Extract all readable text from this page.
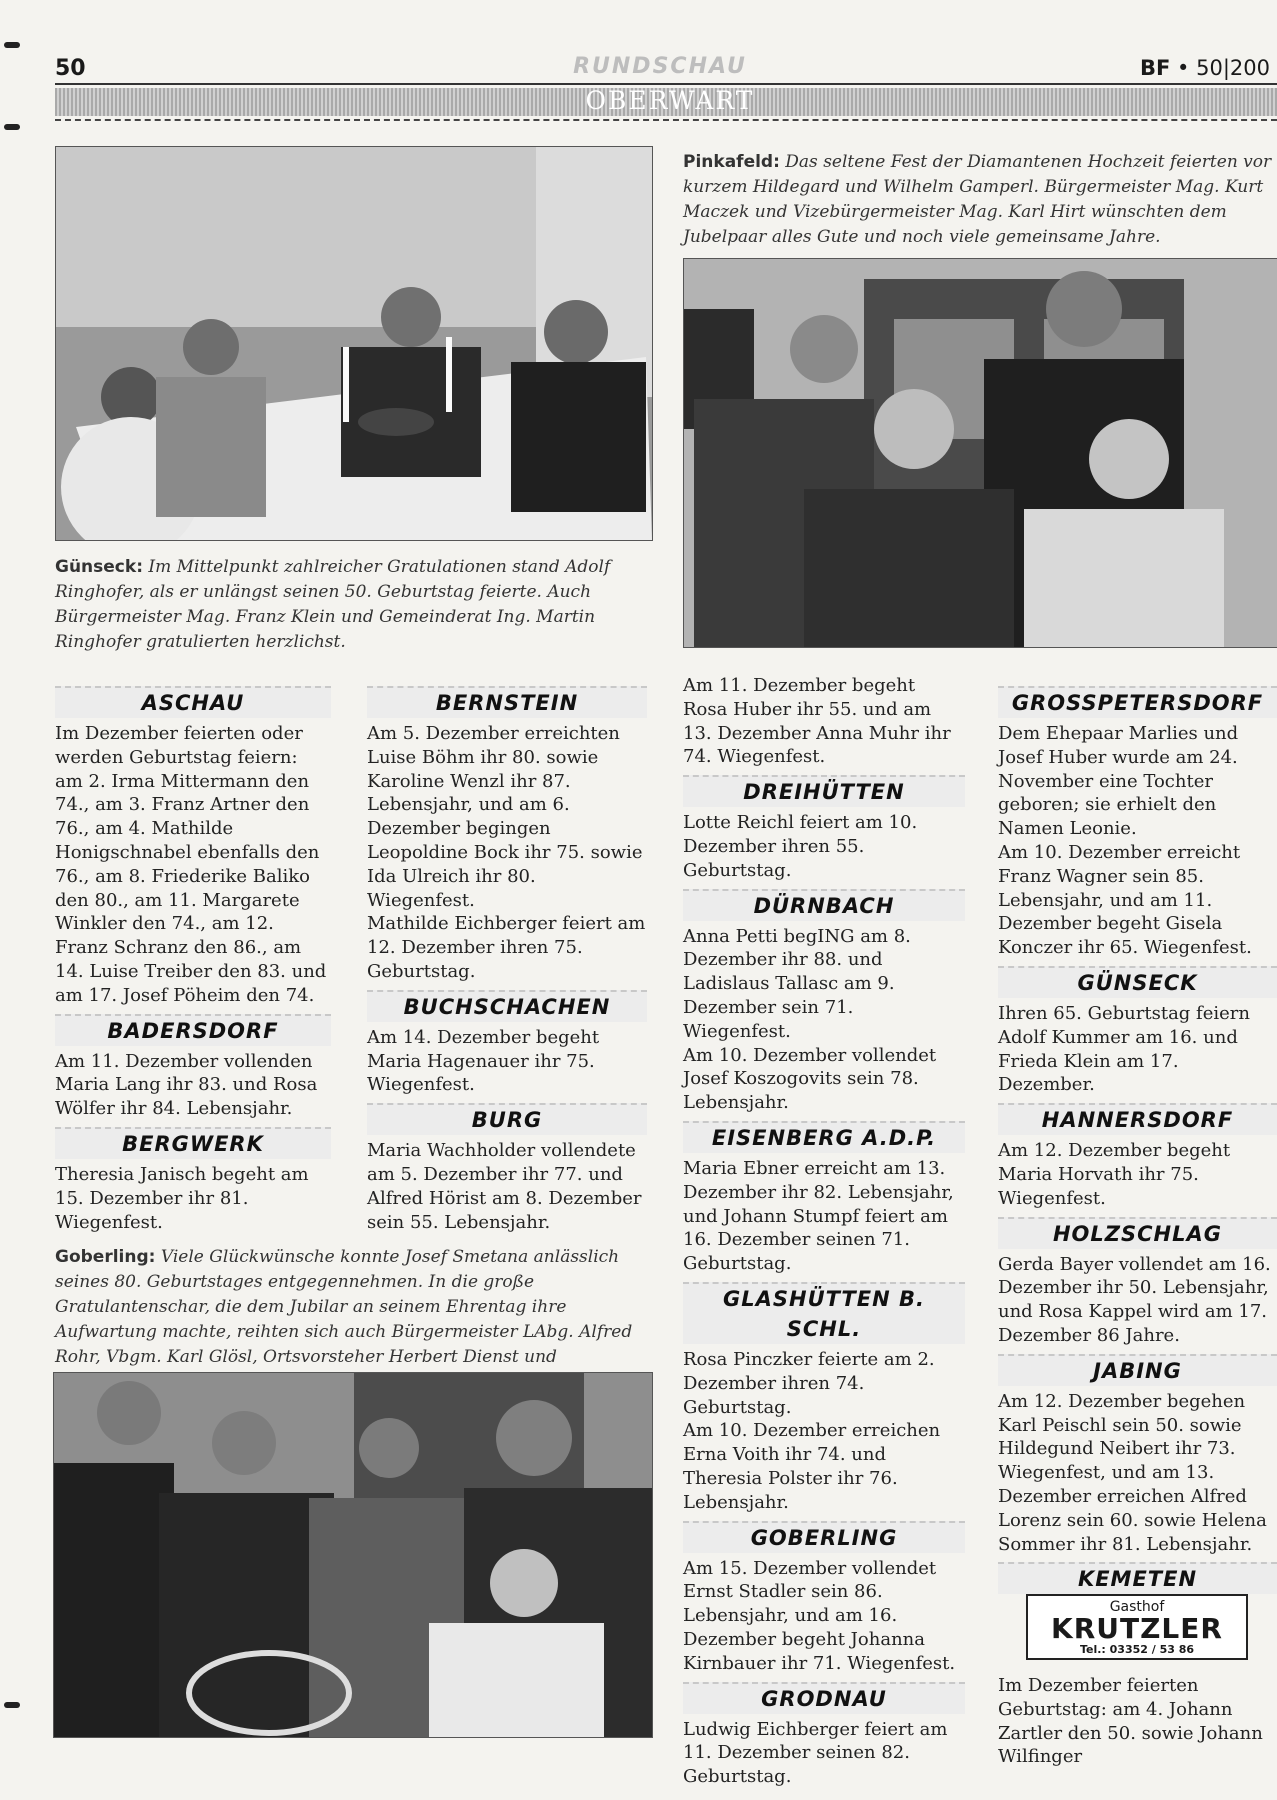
50	RUNDSCHAU	BF • 50|200
OBERWART
Günseck: Im Mittelpunkt zahlreicher Gratulationen stand Adolf Ringhofer, als er unlängst seinen 50. Geburtstag feierte. Auch Bürgermeister Mag. Franz Klein und Gemeinderat Ing. Martin Ringhofer gratulierten herzlichst.
Pinkafeld: Das seltene Fest der Diamantenen Hochzeit feierten vor kurzem Hildegard und Wilhelm Gamperl. Bürgermeister Mag. Kurt Maczek und Vizebürgermeister Mag. Karl Hirt wünschten dem Jubelpaar alles Gute und noch viele gemeinsame Jahre.
ASCHAU

Im Dezember feierten oder werden Geburtstag feiern: am 2. Irma Mittermann den 74., am 3. Franz Artner den 76., am 4. Mathilde Honigschnabel ebenfalls den 76., am 8. Friederike Baliko den 80., am 11. Margarete Winkler den 74., am 12. Franz Schranz den 86., am 14. Luise Treiber den 83. und am 17. Josef Pöheim den 74.

BADERSDORF

Am 11. Dezember vollenden Maria Lang ihr 83. und Rosa Wölfer ihr 84. Lebensjahr.

BERGWERK

Theresia Janisch begeht am 15. Dezember ihr 81. Wiegenfest.

BERNSTEIN

Am 5. Dezember erreichten Luise Böhm ihr 80. sowie Karoline Wenzl ihr 87. Lebensjahr, und am 6. Dezember begingen Leopoldine Bock ihr 75. sowie Ida Ulreich ihr 80. Wiegenfest.

Mathilde Eichberger feiert am 12. Dezember ihren 75. Geburtstag.

BUCHSCHACHEN

Am 14. Dezember begeht Maria Hagenauer ihr 75. Wiegenfest.

BURG

Maria Wachholder vollendete am 5. Dezember ihr 77. und Alfred Hörist am 8. Dezember sein 55. Lebensjahr.

Goberling: Viele Glückwünsche konnte Josef Smetana anlässlich seines 80. Geburtstages entgegennehmen. In die große Gratulantenschar, die dem Jubilar an seinem Ehrentag ihre Aufwartung machte, reihten sich auch Bürgermeister LAbg. Alfred Rohr, Vbgm. Karl Glösl, Ortsvorsteher Herbert Dienst und

Am 11. Dezember begeht Rosa Huber ihr 55. und am 13. Dezember Anna Muhr ihr 74. Wiegenfest.

DREIHÜTTEN

Lotte Reichl feiert am 10. Dezember ihren 55. Geburtstag.

DÜRNBACH

Anna Petti begING am 8. Dezember ihr 88. und Ladislaus Tallasc am 9. Dezember sein 71. Wiegenfest.

Am 10. Dezember vollendet Josef Koszogovits sein 78. Lebensjahr.

EISENBERG A.D.P.

Maria Ebner erreicht am 13. Dezember ihr 82. Lebensjahr, und Johann Stumpf feiert am 16. Dezember seinen 71. Geburtstag.

GLASHÜTTEN B. SCHL.

Rosa Pinczker feierte am 2. Dezember ihren 74. Geburtstag.

Am 10. Dezember erreichen Erna Voith ihr 74. und Theresia Polster ihr 76. Lebensjahr.

GOBERLING

Am 15. Dezember vollendet Ernst Stadler sein 86. Lebensjahr, und am 16. Dezember begeht Johanna Kirnbauer ihr 71. Wiegenfest.

GRODNAU

Ludwig Eichberger feiert am 11. Dezember seinen 82. Geburtstag.

GROSSPETERSDORF

Dem Ehepaar Marlies und Josef Huber wurde am 24. November eine Tochter geboren; sie erhielt den Namen Leonie.

Am 10. Dezember erreicht Franz Wagner sein 85. Lebensjahr, und am 11. Dezember begeht Gisela Konczer ihr 65. Wiegenfest.

GÜNSECK

Ihren 65. Geburtstag feiern Adolf Kummer am 16. und Frieda Klein am 17. Dezember.

HANNERSDORF

Am 12. Dezember begeht Maria Horvath ihr 75. Wiegenfest.

HOLZSCHLAG

Gerda Bayer vollendet am 16. Dezember ihr 50. Lebensjahr, und Rosa Kappel wird am 17. Dezember 86 Jahre.

JABING

Am 12. Dezember begehen Karl Peischl sein 50. sowie Hildegund Neibert ihr 73. Wiegenfest, und am 13. Dezember erreichen Alfred Lorenz sein 60. sowie Helena Sommer ihr 81. Lebensjahr.

KEMETEN
Gasthof
KRUTZLER
Tel.: 03352 / 53 86

Im Dezember feierten Geburtstag: am 4. Johann Zartler den 50. sowie Johann Wilfinger
